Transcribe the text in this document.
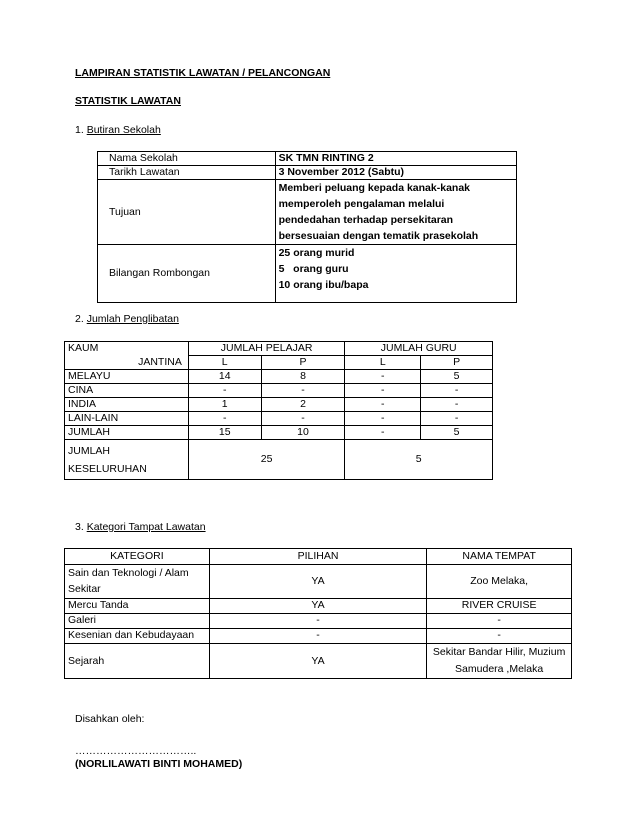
LAMPIRAN STATISTIK LAWATAN / PELANCONGAN
STATISTIK LAWATAN
1. Butiran Sekolah
Nama Sekolah	SK TMN RINTING 2
Tarikh Lawatan	3 November 2012 (Sabtu)
Tujuan	Memberi peluang kepada kanak-kanak
memperoleh pengalaman melalui
pendedahan terhadap persekitaran
bersesuaian dengan tematik prasekolah

Bilangan Rombongan	25 orang murid
5   orang guru
10 orang ibu/bapa
2. Jumlah Penglibatan
KAUM	JUMLAH PELAJAR		JUMLAH GURU	
JANTINA	L	P	L	P
MELAYU	14	8	-	5
CINA	-	-	-	-
INDIA	1	2	-	-
LAIN-LAIN	-	-	-	-
JUMLAH	15	10	-	5

JUMLAH
KESELURUHAN	25		5	
3. Kategori Tampat Lawatan
KATEGORI	PILIHAN	NAMA TEMPAT

Sain dan Teknologi / Alam
Sekitar	YA	Zoo Melaka,
Mercu Tanda	YA	RIVER CRUISE
Galeri	-	-
Kesenian dan Kebudayaan	-	-
Sejarah	YA	Sekitar Bandar Hilir, Muzium
Samudera ,Melaka
Disahkan oleh:
……………………………..
(NORLILAWATI BINTI MOHAMED)
